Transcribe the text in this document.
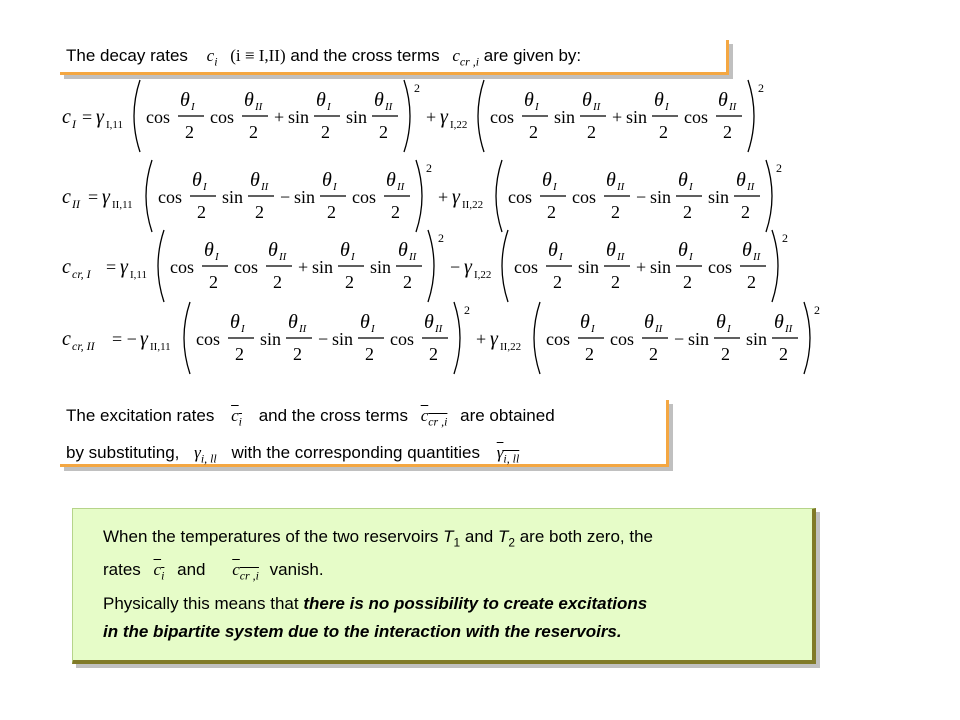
The decay rates $c_i$ (i ≡ I,II) and the cross terms $c_{cr ,i}$ are given by:
c I = γ I,11 cos
θ I
2
cos
θ II
2
+ sin
θ I
2
sin
θ II
2
2
+ γ I,22 cos
θ I
2
sin
θ II
2
+ sin
θ I
2
cos
θ II
2
2
c II = γ II,11 cos
θ I
2
sin
θ II
2
− sin
θ I
2
cos
θ II
2
2
+ γ II,22 cos
θ I
2
cos
θ II
2
− sin
θ I
2
sin
θ II
2
2
c cr, I = γ I,11 cos
θ I
2
cos
θ II
2
+ sin
θ I
2
sin
θ II
2
2
− γ I,22 cos
θ I
2
sin
θ II
2
+ sin
θ I
2
cos
θ II
2
2
c cr, II = − γ II,11 cos
θ I
2
sin
θ II
2
− sin
θ I
2
cos
θ II
2
2
+ γ II,22 cos
θ I
2
cos
θ II
2
− sin
θ I
2
sin
θ II
2
2
The excitation rates $c_i$ and the cross terms $c_{cr ,i}$ are obtained
by substituting, $\gamma_{i, ll}$ with the corresponding quantities $\gamma_{i, ll}$
When the temperatures of the two reservoirs $T_1$ and $T_2$ are both zero, the
rates $c_i$ and $c_{cr ,i}$ vanish.
Physically this means that there is no possibility to create excitations
in the bipartite system due to the interaction with the reservoirs.
